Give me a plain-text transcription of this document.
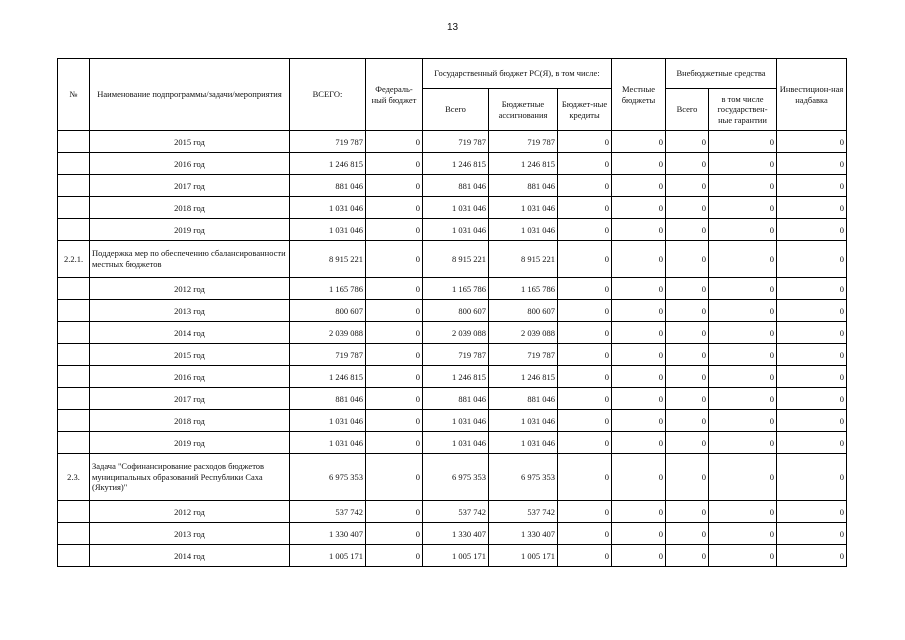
13
№	Наименование подпрограммы/задачи/мероприятия	ВСЕГО:	Федераль-ный бюджет	Государственный бюджет РС(Я), в том числе:			Местные бюджеты	Внебюджетные средства		Инвестицион-ная надбавка
				Всего	Бюджетные ассигнования	Бюджет-ные кредиты		Всего	в том числе государствен-ные гарантии	
	2015 год	719 787	0	719 787	719 787	0	0	0	0	0
	2016 год	1 246 815	0	1 246 815	1 246 815	0	0	0	0	0
	2017 год	881 046	0	881 046	881 046	0	0	0	0	0
	2018 год	1 031 046	0	1 031 046	1 031 046	0	0	0	0	0
	2019 год	1 031 046	0	1 031 046	1 031 046	0	0	0	0	0
2.2.1.	Поддержка мер по обеспечению сбалансированности местных бюджетов	8 915 221	0	8 915 221	8 915 221	0	0	0	0	0
	2012 год	1 165 786	0	1 165 786	1 165 786	0	0	0	0	0
	2013 год	800 607	0	800 607	800 607	0	0	0	0	0
	2014 год	2 039 088	0	2 039 088	2 039 088	0	0	0	0	0
	2015 год	719 787	0	719 787	719 787	0	0	0	0	0
	2016 год	1 246 815	0	1 246 815	1 246 815	0	0	0	0	0
	2017 год	881 046	0	881 046	881 046	0	0	0	0	0
	2018 год	1 031 046	0	1 031 046	1 031 046	0	0	0	0	0
	2019 год	1 031 046	0	1 031 046	1 031 046	0	0	0	0	0
2.3.	Задача "Софинансирование расходов бюджетов муниципальных образований Республики Саха (Якутия)"	6 975 353	0	6 975 353	6 975 353	0	0	0	0	0
	2012 год	537 742	0	537 742	537 742	0	0	0	0	0
	2013 год	1 330 407	0	1 330 407	1 330 407	0	0	0	0	0
	2014 год	1 005 171	0	1 005 171	1 005 171	0	0	0	0	0
